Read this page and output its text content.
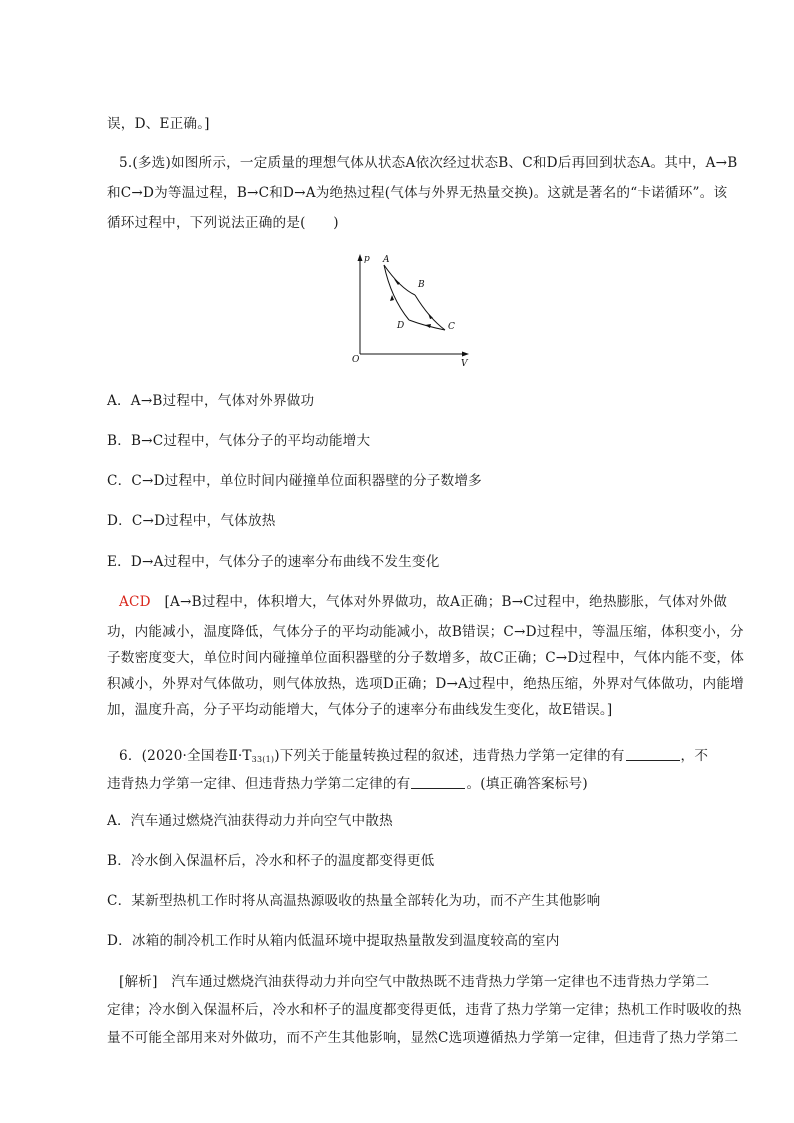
误，D、E正确。]
5.(多选)如图所示，一定质量的理想气体从状态A依次经过状态B、C和D后再回到状态A。其中，A→B
和C→D为等温过程，B→C和D→A为绝热过程(气体与外界无热量交换)。这就是著名的“卡诺循环”。该
循环过程中，下列说法正确的是(　　)
p
V
O
A
B
C
D
A．A→B过程中，气体对外界做功
B．B→C过程中，气体分子的平均动能增大
C．C→D过程中，单位时间内碰撞单位面积器壁的分子数增多
D．C→D过程中，气体放热
E．D→A过程中，气体分子的速率分布曲线不发生变化
ACD　 [A→B过程中，体积增大，气体对外界做功，故A正确；B→C过程中，绝热膨胀，气体对外做
功，内能减小，温度降低，气体分子的平均动能减小，故B错误；C→D过程中，等温压缩，体积变小，分
子数密度变大，单位时间内碰撞单位面积器壁的分子数增多，故C正确；C→D过程中，气体内能不变，体
积减小，外界对气体做功，则气体放热，选项D正确；D→A过程中，绝热压缩，外界对气体做功，内能增
加，温度升高，分子平均动能增大，气体分子的速率分布曲线发生变化，故E错误。]
6．(2020·全国卷$Ⅱ\cdot T_{33(1)}$)下列关于能量转换过程的叙述，违背热力学第一定律的有	，不
违背热力学第一定律、但违背热力学第二定律的有	。(填正确答案标号)
A．汽车通过燃烧汽油获得动力并向空气中散热
B．冷水倒入保温杯后，冷水和杯子的温度都变得更低
C．某新型热机工作时将从高温热源吸收的热量全部转化为功，而不产生其他影响
D．冰箱的制冷机工作时从箱内低温环境中提取热量散发到温度较高的室内
[解析]　汽车通过燃烧汽油获得动力并向空气中散热既不违背热力学第一定律也不违背热力学第二
定律；冷水倒入保温杯后，冷水和杯子的温度都变得更低，违背了热力学第一定律；热机工作时吸收的热
量不可能全部用来对外做功，而不产生其他影响，显然C选项遵循热力学第一定律，但违背了热力学第二
